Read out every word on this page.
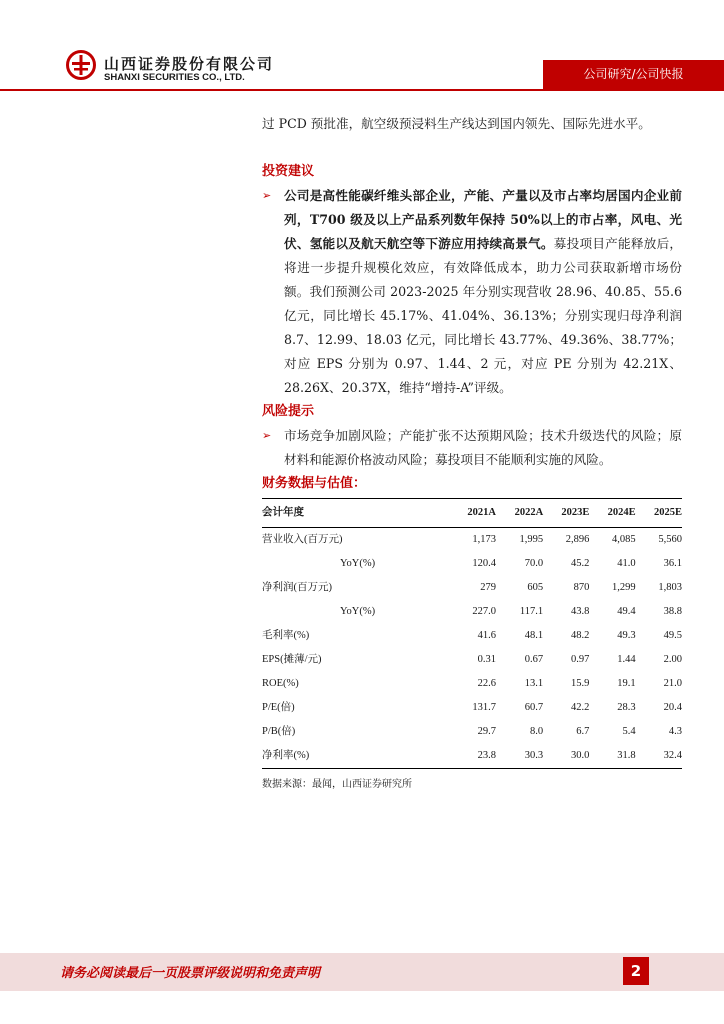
山西证券股份有限公司
SHANXI SECURITIES CO., LTD.	公司研究/公司快报

过 PCD 预批准，航空级预浸料生产线达到国内领先、国际先进水平。

投资建议

➢	公司是高性能碳纤维头部企业，产能、产量以及市占率均居国内企业前列，T700 级及以上产品系列数年保持 50%以上的市占率，风电、光伏、氢能以及航天航空等下游应用持续高景气。募投项目产能释放后，将进一步提升规模化效应，有效降低成本，助力公司获取新增市场份额。我们预测公司 2023-2025 年分别实现营收 28.96、40.85、55.6 亿元，同比增长 45.17%、41.04%、36.13%；分别实现归母净利润 8.7、12.99、18.03 亿元，同比增长 43.77%、49.36%、38.77%；对应 EPS 分别为 0.97、1.44、2 元，对应 PE 分别为 42.21X、28.26X、20.37X，维持“增持-A”评级。

风险提示

➢	市场竞争加剧风险；产能扩张不达预期风险；技术升级迭代的风险；原材料和能源价格波动风险；募投项目不能顺利实施的风险。

财务数据与估值：

会计年度	2021A	2022A	2023E	2024E	2025E
营业收入(百万元)	1,173	1,995	2,896	4,085	5,560
YoY(%)	120.4	70.0	45.2	41.0	36.1
净利润(百万元)	279	605	870	1,299	1,803
YoY(%)	227.0	117.1	43.8	49.4	38.8
毛利率(%)	41.6	48.1	48.2	49.3	49.5
EPS(摊薄/元)	0.31	0.67	0.97	1.44	2.00
ROE(%)	22.6	13.1	15.9	19.1	21.0
P/E(倍)	131.7	60.7	42.2	28.3	20.4
P/B(倍)	29.7	8.0	6.7	5.4	4.3
净利率(%)	23.8	30.3	30.0	31.8	32.4
数据来源：最闻，山西证券研究所
请务必阅读最后一页股票评级说明和免责声明	2
